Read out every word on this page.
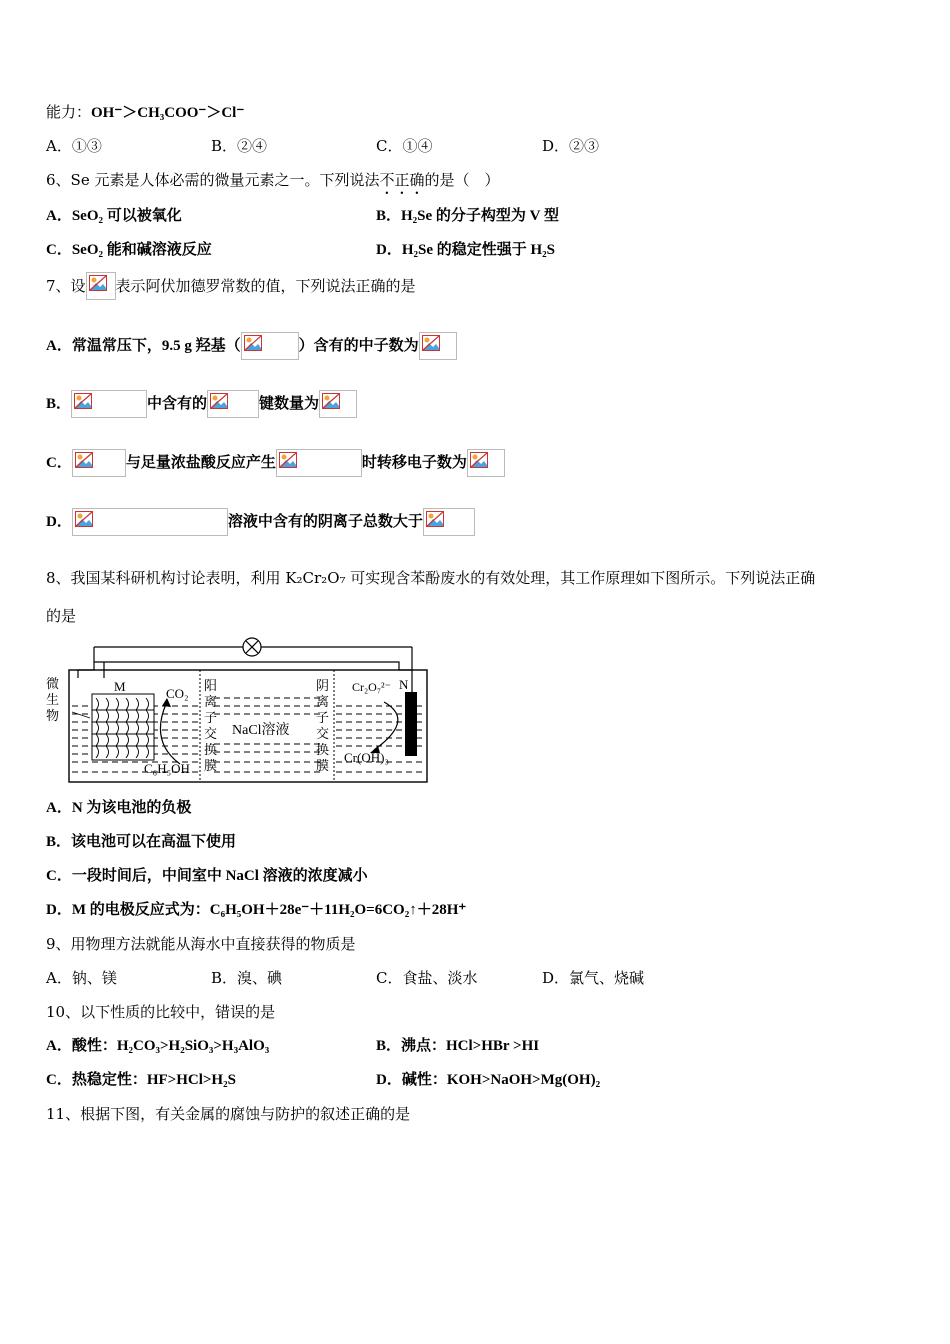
能力：OH⁻＞CH₃COO⁻＞Cl⁻
A．①③	B．②④	C．①④	D．②③
6、Se 元素是人体必需的微量元素之一。下列说法不正确的是（　）
A．SeO₂ 可以被氧化	B．H₂Se 的分子构型为 V 型
C．SeO₂ 能和碱溶液反应	D．H₂Se 的稳定性强于 H₂S
7、设 表示阿伏加德罗常数的值，下列说法正确的是
A．常温常压下，9.5 g 羟基（	）含有的中子数为
B．	中含有的	键数量为
C．	与足量浓盐酸反应产生	时转移电子数为
D．	溶液中含有的阴离子总数大于
8、我国某科研机构讨论表明，利用 K₂Cr₂O₇ 可实现含苯酚废水的有效处理，其工作原理如下图所示。下列说法正确
的是
微
生
物
M	N
CO₂
C₆H₅OH
NaCl溶液
Cr₂O₇²⁻
Cr(OH)₃
阳
离
子
交
换
膜
阴
离
子
交
换
膜
A．N 为该电池的负极
B．该电池可以在高温下使用
C．一段时间后，中间室中 NaCl 溶液的浓度减小
D．M 的电极反应式为：C₆H₅OH＋28e⁻＋11H₂O=6CO₂↑＋28H⁺
9、用物理方法就能从海水中直接获得的物质是
A．钠、镁	B．溴、碘	C．食盐、淡水	D．氯气、烧碱
10、以下性质的比较中，错误的是
A．酸性：H₂CO₃>H₂SiO₃>H₃AlO₃	B．沸点：HCl>HBr >HI
C．热稳定性：HF>HCl>H₂S	D．碱性：KOH>NaOH>Mg(OH)₂
11、根据下图，有关金属的腐蚀与防护的叙述正确的是
